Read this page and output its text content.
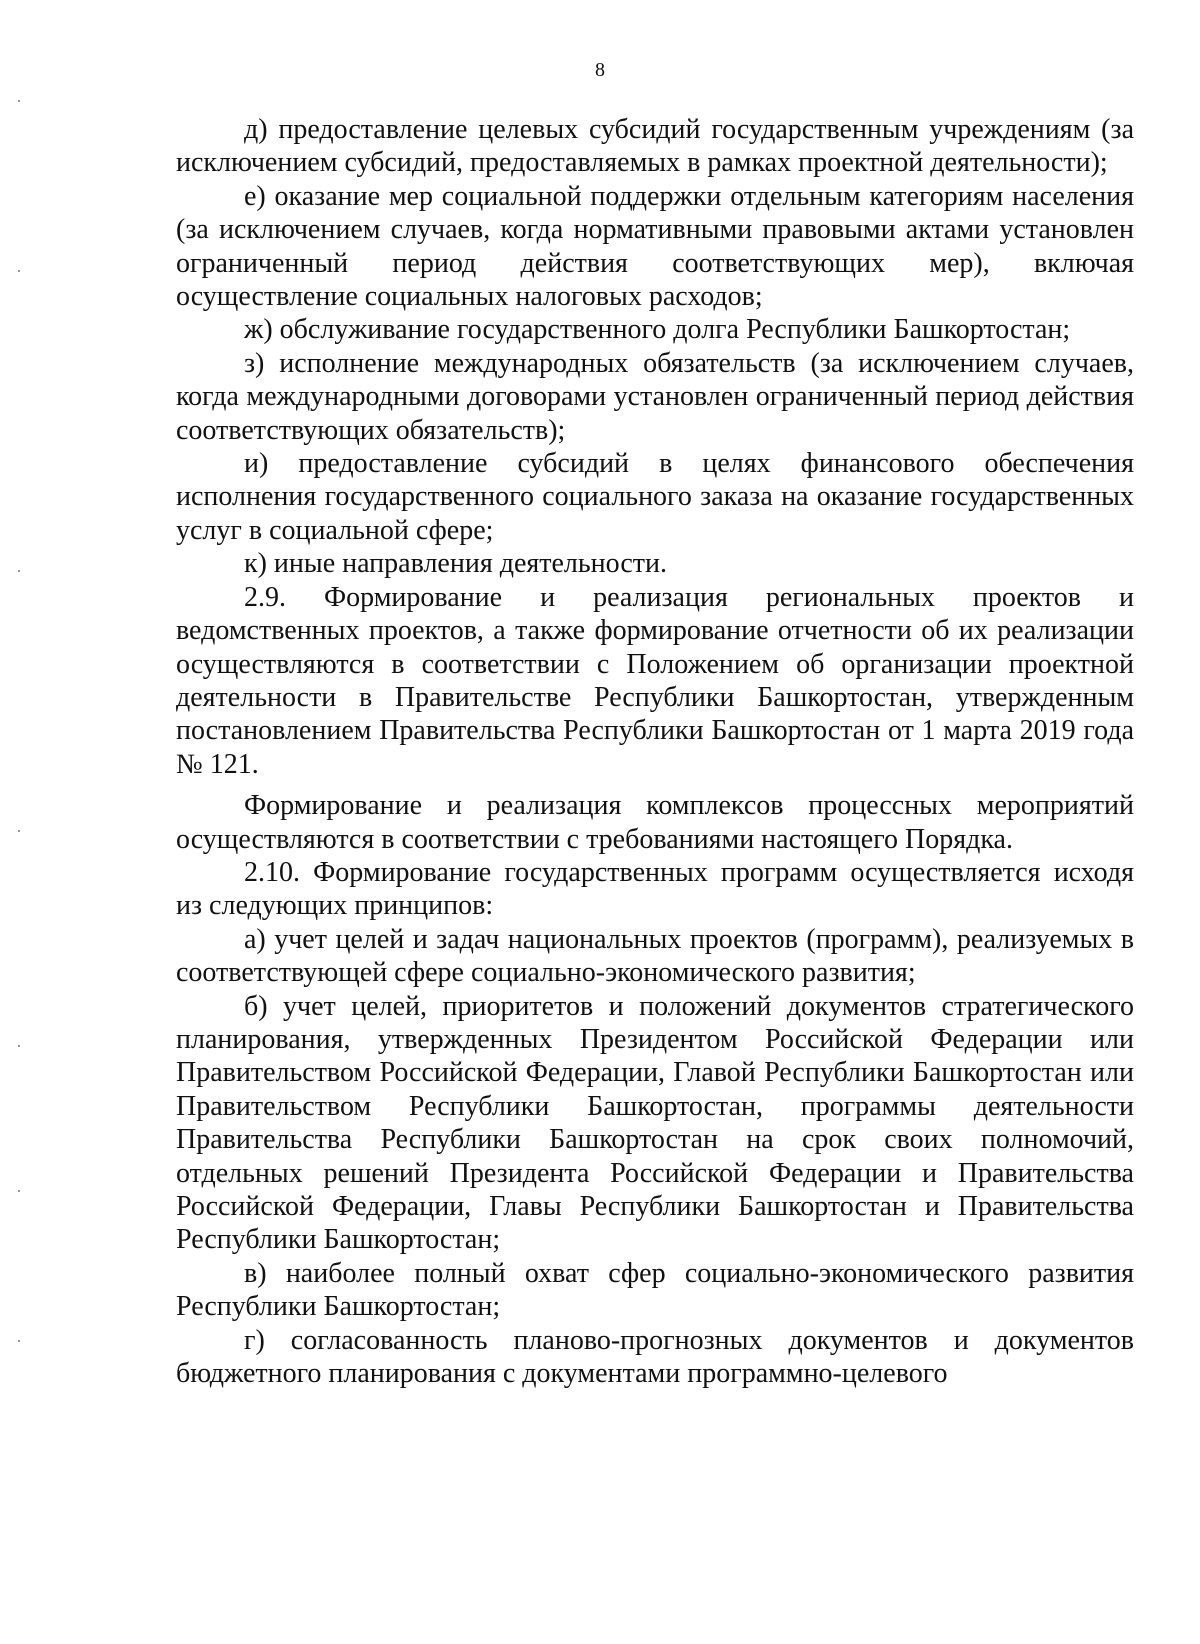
8

д) предоставление целевых субсидий государственным учреждениям (за исключением субсидий, предоставляемых в рамках проектной деятельности);

е) оказание мер социальной поддержки отдельным категориям населения (за исключением случаев, когда нормативными правовыми актами установлен ограниченный период действия соответствующих мер), включая осуществление социальных налоговых расходов;

ж) обслуживание государственного долга Республики Башкортостан;

з) исполнение международных обязательств (за исключением случаев, когда международными договорами установлен ограниченный период действия соответствующих обязательств);

и) предоставление субсидий в целях финансового обеспечения исполнения государственного социального заказа на оказание государственных услуг в социальной сфере;

к) иные направления деятельности.

2.9. Формирование и реализация региональных проектов и ведомственных проектов, а также формирование отчетности об их реализации осуществляются в соответствии с Положением об организации проектной деятельности в Правительстве Республики Башкортостан, утвержденным постановлением Правительства Республики Башкортостан от 1 марта 2019 года № 121.

Формирование и реализация комплексов процессных мероприятий осуществляются в соответствии с требованиями настоящего Порядка.

2.10. Формирование государственных программ осуществляется исходя из следующих принципов:

а) учет целей и задач национальных проектов (программ), реализуемых в соответствующей сфере социально-экономического развития;

б) учет целей, приоритетов и положений документов стратегического планирования, утвержденных Президентом Российской Федерации или Правительством Российской Федерации, Главой Республики Башкортостан или Правительством Республики Башкортостан, программы деятельности Правительства Республики Башкортостан на срок своих полномочий, отдельных решений Президента Российской Федерации и Правительства Российской Федерации, Главы Республики Башкортостан и Правительства Республики Башкортостан;

в) наиболее полный охват сфер социально-экономического развития Республики Башкортостан;

г) согласованность планово-прогнозных документов и документов бюджетного планирования с документами программно-целевого
